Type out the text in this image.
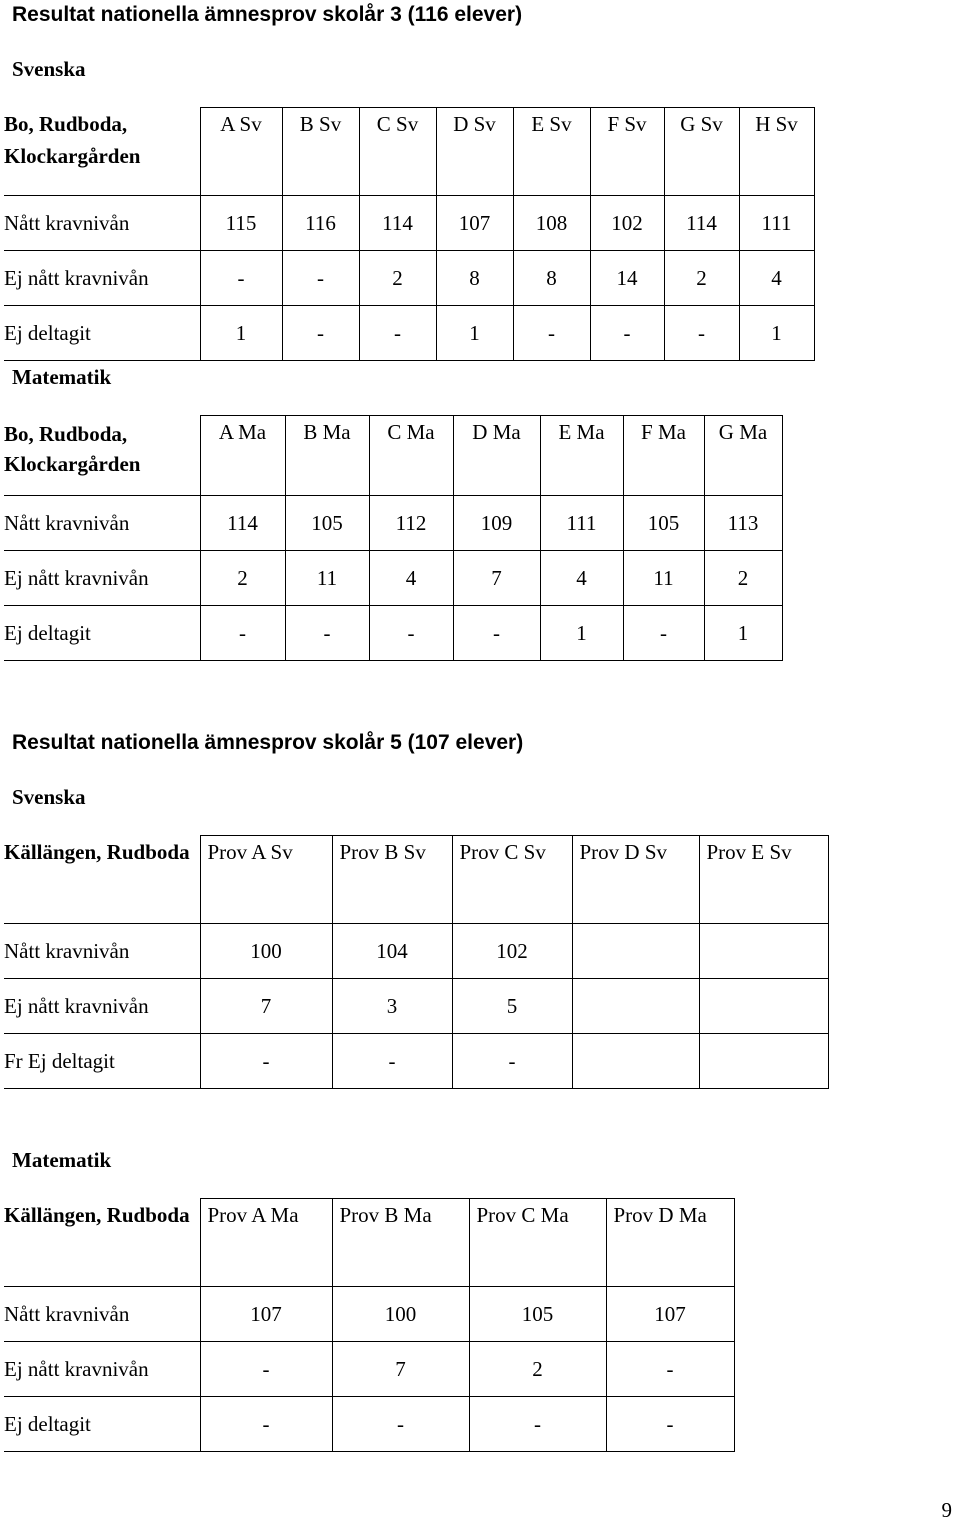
Resultat nationella ämnesprov skolår 3 (116 elever)
Svenska
Bo, Rudboda, Klockargården	A Sv	B Sv	C Sv	D Sv	E Sv	F Sv	G Sv	H Sv
Nått kravnivån	115	116	114	107	108	102	114	111
Ej nått kravnivån	-	-	2	8	8	14	2	4
Ej deltagit	1	-	-	1	-	-	-	1
Matematik
Bo, Rudboda, Klockargården	A Ma	B Ma	C Ma	D Ma	E Ma	F Ma	G Ma
Nått kravnivån	114	105	112	109	111	105	113
Ej nått kravnivån	2	11	4	7	4	11	2
Ej deltagit	-	-	-	-	1	-	1
Resultat nationella ämnesprov skolår 5 (107 elever)
Svenska
Källängen, Rudboda	Prov A Sv	Prov B Sv	Prov C Sv	Prov D Sv	Prov E Sv
Nått kravnivån	100	104	102		
Ej nått kravnivån	7	3	5		
Fr Ej deltagit	-	-	-		
Matematik
Källängen, Rudboda	Prov A Ma	Prov B Ma	Prov C Ma	Prov D Ma
Nått kravnivån	107	100	105	107
Ej nått kravnivån	-	7	2	-
Ej deltagit	-	-	-	-
9
